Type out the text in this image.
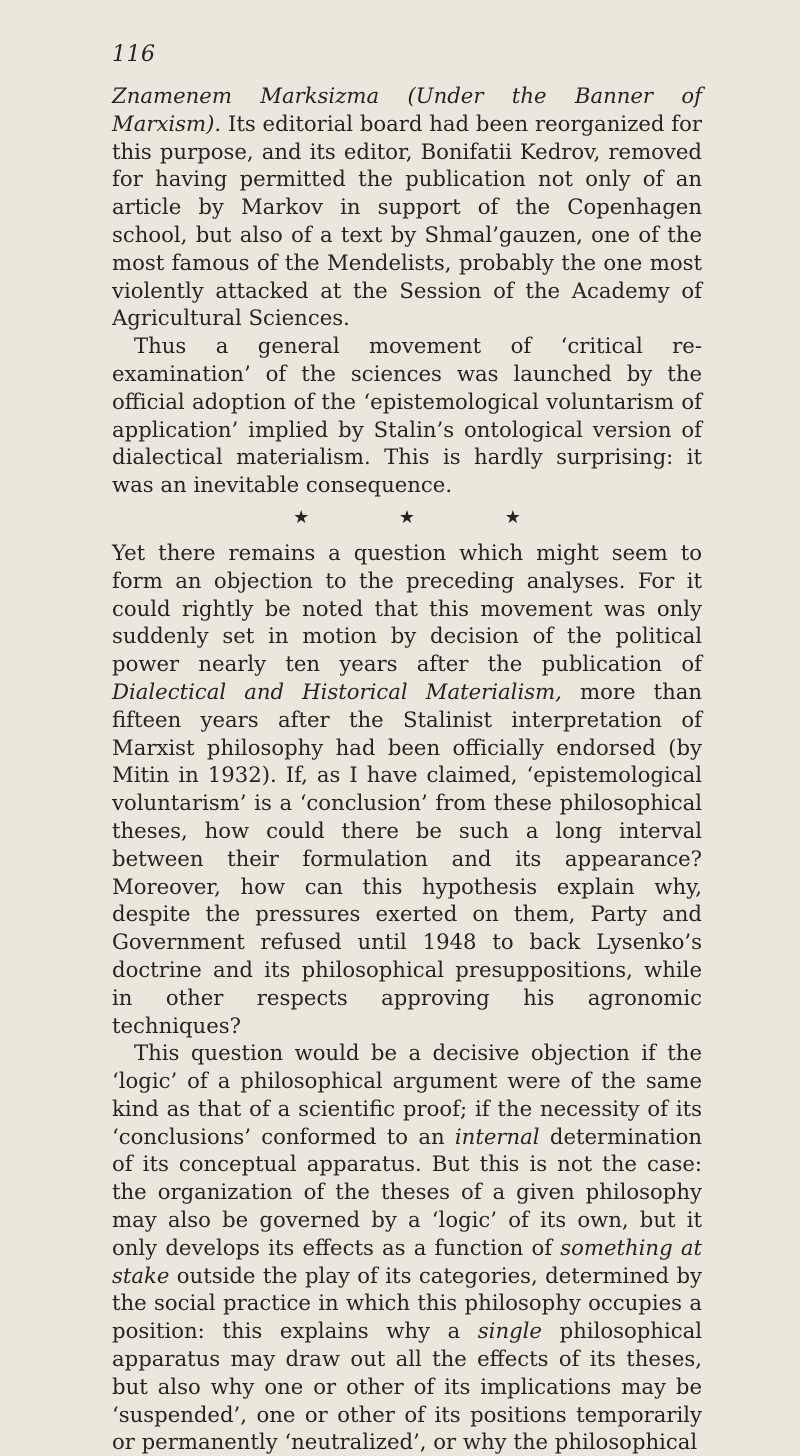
116

Znamenem Marksizma (Under the Banner of Marxism). Its editorial board had been reorganized for this purpose, and its editor, Bonifatii Kedrov, removed for having permitted the publication not only of an article by Markov in support of the Copenhagen school, but also of a text by Shmal’gauzen, one of the most famous of the Mendelists, probably the one most violently attacked at the Session of the Academy of Agricultural Sciences.

Thus a general movement of ‘critical re-examination’ of the sciences was launched by the official adoption of the ‘epistemological voluntarism of application’ implied by Stalin’s ontological version of dialectical materialism. This is hardly surprising: it was an inevitable consequence.

★ ★ ★

Yet there remains a question which might seem to form an objection to the preceding analyses. For it could rightly be noted that this movement was only suddenly set in motion by decision of the political power nearly ten years after the publication of Dialectical and Historical Materialism, more than fifteen years after the Stalinist interpretation of Marxist philosophy had been officially endorsed (by Mitin in 1932). If, as I have claimed, ‘epistemological voluntarism’ is a ‘conclusion’ from these philosophical theses, how could there be such a long interval between their formulation and its appearance? Moreover, how can this hypothesis explain why, despite the pressures exerted on them, Party and Government refused until 1948 to back Lysenko’s doctrine and its philosophical presuppositions, while in other respects approving his agronomic techniques?

This question would be a decisive objection if the ‘logic’ of a philosophical argument were of the same kind as that of a scientific proof; if the necessity of its ‘conclusions’ conformed to an internal determination of its conceptual apparatus. But this is not the case: the organization of the theses of a given philosophy may also be governed by a ‘logic’ of its own, but it only develops its effects as a function of something at stake outside the play of its categories, determined by the social practice in which this philosophy occupies a position: this explains why a single philosophical apparatus may draw out all the effects of its theses, but also why one or other of its implications may be ‘suspended’, one or other of its positions temporarily or permanently ‘neutralized’, or why the philosophical
